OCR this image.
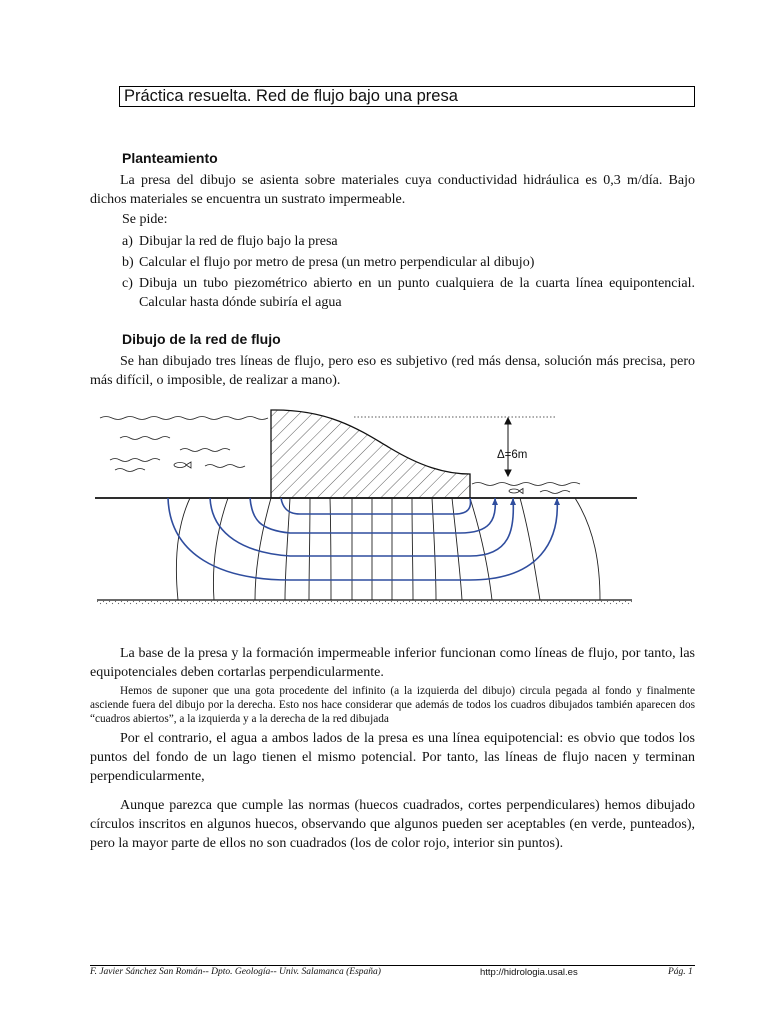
Práctica resuelta. Red de flujo bajo una presa
Planteamiento
La presa del dibujo se asienta sobre materiales cuya conductividad hidráulica es 0,3 m/día. Bajo dichos materiales se encuentra un sustrato impermeable.
Se pide:
a) Dibujar la red de flujo bajo la presa
b) Calcular el flujo por metro de presa (un metro perpendicular al dibujo)
c) Dibuja un tubo piezométrico abierto en un punto cualquiera de la cuarta línea equipontencial. Calcular hasta dónde subiría el agua
Dibujo de la red de flujo
Se han dibujado tres líneas de flujo, pero eso es subjetivo (red más densa, solución más precisa, pero más difícil, o imposible, de realizar a mano).
Δ=6m
La base de la presa y la formación impermeable inferior funcionan como líneas de flujo, por tanto, las equipotenciales deben cortarlas perpendicularmente.
Hemos de suponer que una gota procedente del infinito (a la izquierda del dibujo) circula pegada al fondo y finalmente asciende fuera del dibujo por la derecha. Esto nos hace considerar que además de todos los cuadros dibujados también aparecen dos “cuadros abiertos”, a la izquierda y a la derecha de la red dibujada
Por el contrario, el agua a ambos lados de la presa es una línea equipotencial: es obvio que todos los puntos del fondo de un lago tienen el mismo potencial. Por tanto, las líneas de flujo nacen y terminan perpendicularmente,
Aunque parezca que cumple las normas (huecos cuadrados, cortes perpendiculares) hemos dibujado círculos inscritos en algunos huecos, observando que algunos pueden ser aceptables (en verde, punteados), pero la mayor parte de ellos no son cuadrados (los de color rojo, interior sin puntos).
F. Javier Sánchez San Román-- Dpto. Geología-- Univ. Salamanca (España)	http://hidrologia.usal.es	Pág. 1
